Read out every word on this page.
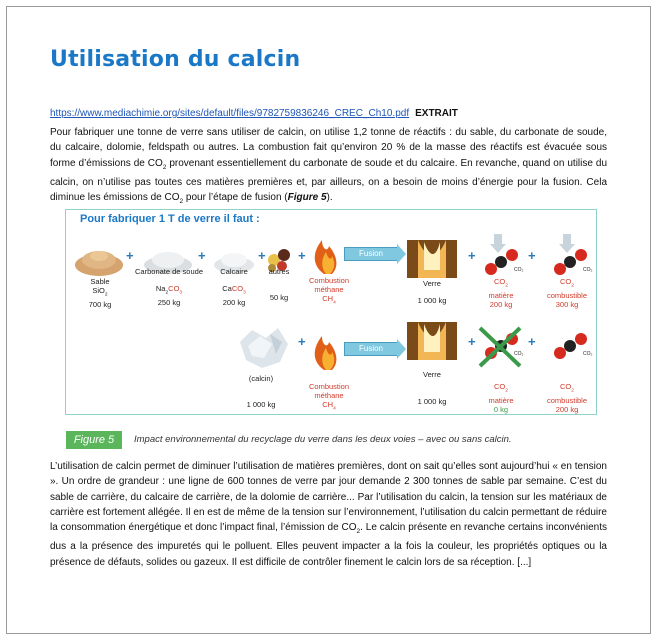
Utilisation du calcin
https://www.mediachimie.org/sites/default/files/9782759836246_CREC_Ch10.pdf EXTRAIT
Pour fabriquer une tonne de verre sans utiliser de calcin, on utilise 1,2 tonne de réactifs : du sable, du carbonate de soude, du calcaire, dolomie, feldspath ou autres. La combustion fait qu’environ 20 % de la masse des réactifs est évacuée sous forme d’émissions de $CO_2$ provenant essentiellement du carbonate de soude et du calcaire. En revanche, quand on utilise du calcin, on n’utilise pas toutes ces matières premières et, par ailleurs, on a besoin de moins d’énergie pour la fusion. Cela diminue les émissions de $CO_2$ pour l’étape de fusion (Figure 5).
Pour fabriquer 1 T de verre il faut :
+	+	+ +	+	+
+	+	+
Fusion
Fusion
CO₂	CO₂
CO₂	CO₂
Sable
SiO$_2$
700 kg
Carbonate de soude
$Na_2CO_3$
250 kg
Calcaire
CaCO$_3$
200 kg
autres
50 kg
Combustion
méthane
$CH_4$
Verre
1 000 kg
$CO_2$
matière
200 kg
$CO_2$
combustible
300 kg
(calcin)
1 000 kg
Combustion
méthane
$CH_4$
Verre
1 000 kg
$CO_2$
matière
0 kg
$CO_2$
combustible
200 kg
Figure 5	Impact environnemental du recyclage du verre dans les deux voies – avec ou sans calcin.
L’utilisation de calcin permet de diminuer l’utilisation de matières premières, dont on sait qu’elles sont aujourd’hui « en tension ». Un ordre de grandeur : une ligne de 600 tonnes de verre par jour demande 2 300 tonnes de sable par semaine. C’est du sable de carrière, du calcaire de carrière, de la dolomie de carrière... Par l’utilisation du calcin, la tension sur les matériaux de carrière est fortement allégée. Il en est de même de la tension sur l’environnement, l’utilisation du calcin permettant de réduire la consommation énergétique et donc l’impact final, l’émission de $CO_2$. Le calcin présente en revanche certains inconvénients dus a la présence des impuretés qui le polluent. Elles peuvent impacter a la fois la couleur, les propriétés optiques ou la présence de défauts, solides ou gazeux. Il est difficile de contrôler finement le calcin lors de sa réception. [...]
